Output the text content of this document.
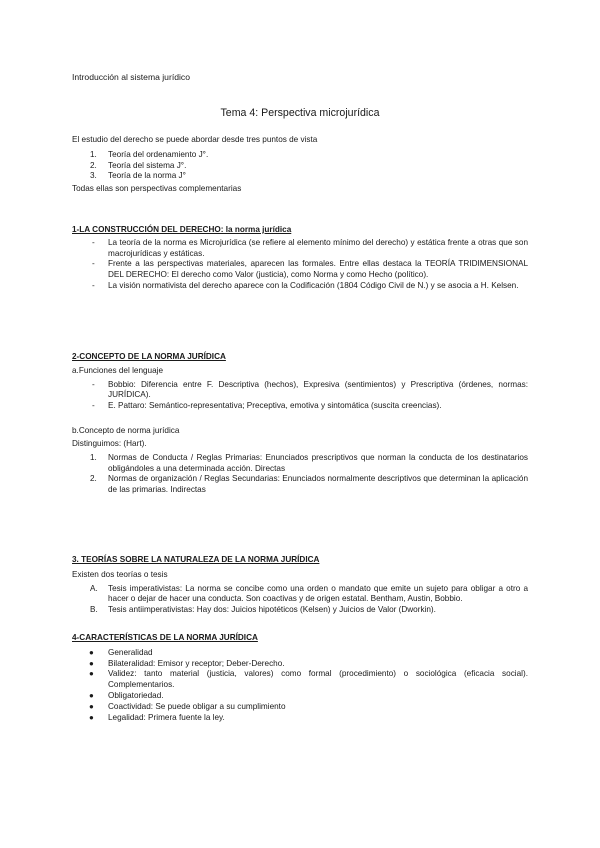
Introducción al sistema jurídico
Tema 4: Perspectiva microjurídica

El estudio del derecho se puede abordar desde tres puntos de vista

1. Teoría del ordenamiento J°.
2. Teoría del sistema J°.
3. Teoría de la norma J°

Todas ellas son perspectivas complementarias

1-LA CONSTRUCCIÓN DEL DERECHO: la norma jurídica

- La teoría de la norma es Microjurídica (se refiere al elemento mínimo del derecho) y estática frente a otras que son macrojurídicas y estáticas.
- Frente a las perspectivas materiales, aparecen las formales. Entre ellas destaca la TEORÍA TRIDIMENSIONAL DEL DERECHO: El derecho como Valor (justicia), como Norma y como Hecho (político).
- La visión normativista del derecho aparece con la Codificación (1804 Código Civil de N.) y se asocia a H. Kelsen.

2-CONCEPTO DE LA NORMA JURÍDICA

a.Funciones del lenguaje

- Bobbio: Diferencia entre F. Descriptiva (hechos), Expresiva (sentimientos) y Prescriptiva (órdenes, normas: JURÍDICA).
- E. Pattaro: Semántico-representativa; Preceptiva, emotiva y sintomática (suscita creencias).

b.Concepto de norma jurídica

Distinguimos: (Hart).

1. Normas de Conducta / Reglas Primarias: Enunciados prescriptivos que norman la conducta de los destinatarios obligándoles a una determinada acción. Directas
2. Normas de organización / Reglas Secundarias: Enunciados normalmente descriptivos que determinan la aplicación de las primarias. Indirectas

3. TEORÍAS SOBRE LA NATURALEZA DE LA NORMA JURÍDICA

Existen dos teorías o tesis

A. Tesis imperativistas: La norma se concibe como una orden o mandato que emite un sujeto para obligar a otro a hacer o dejar de hacer una conducta. Son coactivas y de origen estatal. Bentham, Austin, Bobbio.
B. Tesis antiimperativistas: Hay dos: Juicios hipotéticos (Kelsen) y Juicios de Valor (Dworkin).

4-CARACTERÍSTICAS DE LA NORMA JURÍDICA

● Generalidad
● Bilateralidad: Emisor y receptor; Deber-Derecho.
● Validez: tanto material (justicia, valores) como formal (procedimiento) o sociológica (eficacia social). Complementarios.
● Obligatoriedad.
● Coactividad: Se puede obligar a su cumplimiento
● Legalidad: Primera fuente la ley.
